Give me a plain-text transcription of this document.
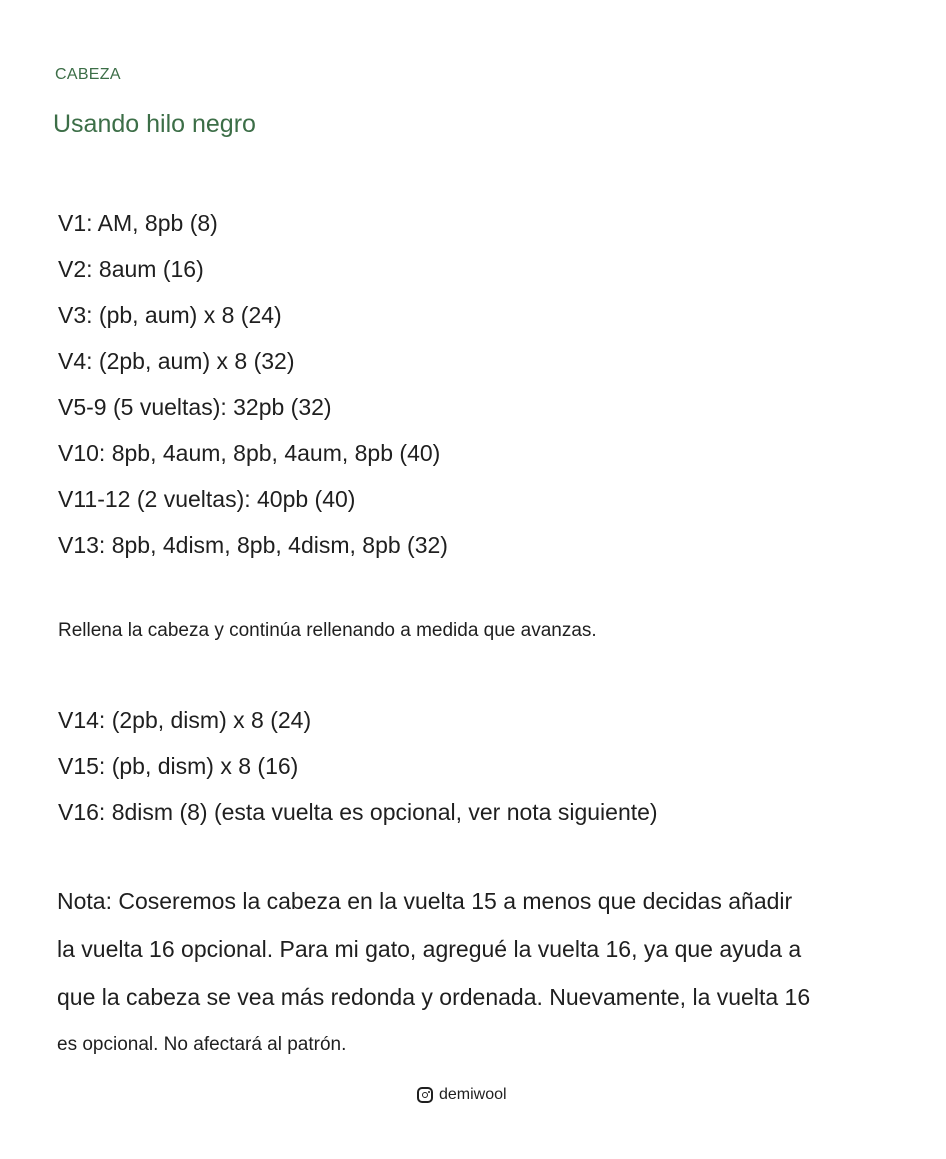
CABEZA
Usando hilo negro
V1: AM, 8pb (8)
V2: 8aum (16)
V3: (pb, aum) x 8 (24)
V4: (2pb, aum) x 8 (32)
V5-9 (5 vueltas): 32pb (32)
V10: 8pb, 4aum, 8pb, 4aum, 8pb (40)
V11-12 (2 vueltas): 40pb (40)
V13: 8pb, 4dism, 8pb, 4dism, 8pb (32)
Rellena la cabeza y continúa rellenando a medida que avanzas.
V14: (2pb, dism) x 8 (24)
V15: (pb, dism) x 8 (16)
V16: 8dism (8) (esta vuelta es opcional, ver nota siguiente)
Nota: Coseremos la cabeza en la vuelta 15 a menos que decidas añadir
la vuelta 16 opcional. Para mi gato, agregué la vuelta 16, ya que ayuda a
que la cabeza se vea más redonda y ordenada. Nuevamente, la vuelta 16
es opcional. No afectará al patrón.
demiwool
